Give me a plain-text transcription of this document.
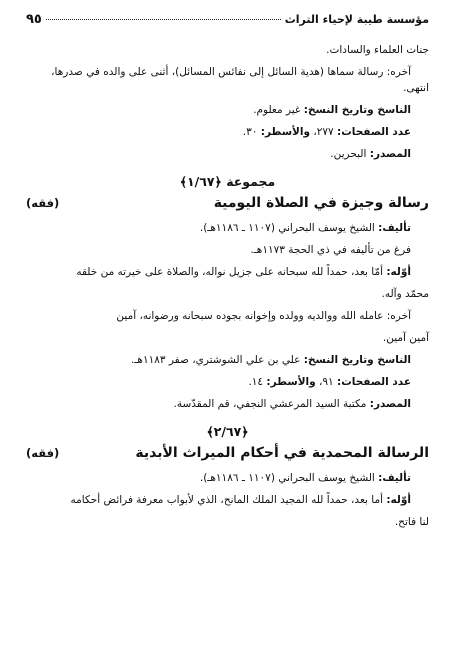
مؤسسة طيبة لإحياء التراث
٩٥

جنات العلماء والسادات.

آخره: رسالة سماها (هدية السائل إلى نفائس المسائل)، أثنى على والده في صدرها،

انتهى.

الناسخ وتاريخ النسخ: غير معلوم.

عدد الصفحات: ٢٧٧، والأسطر: ٣٠.

المصدر: البحرين.

مجموعة ﴿١/٦٧﴾
رسالة وجيزة في الصلاة اليومية
(فقه)

تأليف: الشيخ يوسف البحراني (١١٠٧ ـ ١١٨٦هـ).

فرغ من تأليفه في ذي الحجة ١١٧٣هـ.

أوّله: أمّا بعد، حمداً لله سبحانه على جزيل نواله، والصلاة على خيرته من خلقه

محمّد وآله.

آخره: عامله الله ووالديه وولده وإخوانه بجوده سبحانه ورضوانه، آمين

آمين آمين.

الناسخ وتاريخ النسخ: علي بن علي الشوشتري، صفر ١١٨٣هـ.

عدد الصفحات: ٩١، والأسطر: ١٤.

المصدر: مكتبة السيد المرعشي النجفي، قم المقدّسة.

﴿٢/٦٧﴾
الرسالة المحمدية في أحكام الميراث الأبدية
(فقه)

تأليف: الشيخ يوسف البحراني (١١٠٧ ـ ١١٨٦هـ).

أوّله: أما بعد، حمداً لله المجيد الملك المانح، الذي لأبواب معرفة فرائض أحكامه

لنا فاتح.
